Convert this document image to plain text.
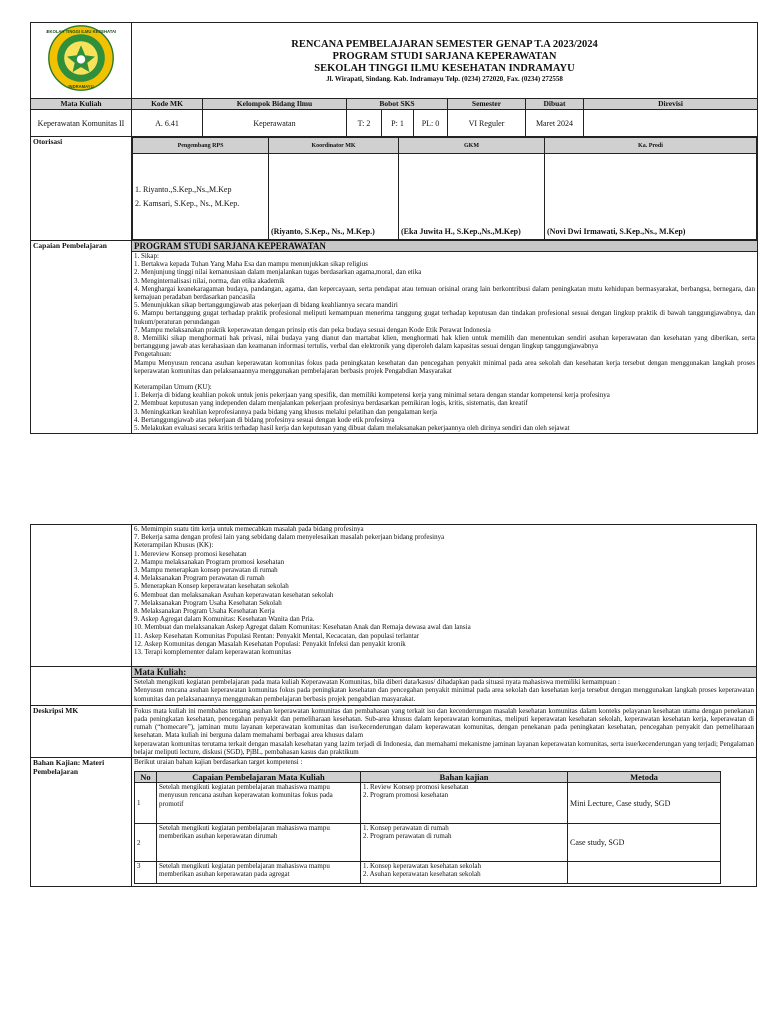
SEKOLAH TINGGI ILMU KESEHATAN
INDRAMAYU

RENCANA PEMBELAJARAN SEMESTER GENAP T.A 2023/2024
PROGRAM STUDI SARJANA KEPERAWATAN
SEKOLAH TINGGI ILMU KESEHATAN INDRAMAYU
Jl. Wirapati, Sindang. Kab. Indramayu Telp. (0234) 272020, Fax. (0234) 272558

Mata Kuliah	Kode MK	Kelompok Bidang Ilmu	Bobot SKS	Semester	Dibuat	Direvisi
Keperawatan Komunitas II	A. 6.41	Keperawatan	T: 2	P: 1	PL: 0	VI Reguler	Maret 2024	
Otorisasi		Pengembang RPS	Koordinator MK	GKM	Ka. Prodi

1. Riyanto.,S.Kep.,Ns.,M.Kep
2. Kamsari, S.Kep., Ns., M.Kep.
	(Riyanto, S.Kep., Ns., M.Kep.)	(Eka Juwita H., S.Kep.,Ns.,M.Kep)	(Novi Dwi Irmawati, S.Kep.,Ns., M.Kep)

Capaian Pembelajaran	PROGRAM STUDI SARJANA KEPERAWATAN
1. Sikap:
1. Bertakwa kepada Tuhan Yang Maha Esa dan mampu menunjukkan sikap religius
2. Menjunjung tinggi nilai kemanusiaan dalam menjalankan tugas berdasarkan agama,moral, dan etika
3. Menginternalisasi nilai, norma, dan etika akademik
4. Menghargai keanekaragaman budaya, pandangan, agama, dan kepercayaan, serta pendapat atau temuan orisinal orang lain berkontribusi dalam peningkatan mutu kehidupan bermasyarakat, berbangsa, bernegara, dan kemajuan peradaban berdasarkan pancasila
5. Menunjukkan sikap bertanggungjawab atas pekerjaan di bidang keahliannya secara mandiri
6. Mampu bertanggung gugat terhadap praktik profesional meliputi kemampuan menerima tanggung gugat terhadap keputusan dan tindakan profesional sesuai dengan lingkup praktik di bawah tanggungjawabnya, dan hukum/peraturan perundangan
7. Mampu melaksanakan praktik keperawatan dengan prinsip etis dan peka budaya sesuai dengan Kode Etik Perawat Indonesia
8. Memiliki sikap menghormati hak privasi, nilai budaya yang dianut dan martabat klien, menghormati hak klien untuk memilih dan menentukan sendiri asuhan keperawatan dan kesehatan yang diberikan, serta bertanggung jawab atas kerahasiaan dan keamanan informasi tertulis, verbal dan elektronik yang diperoleh dalam kapasitas sesuai dengan lingkup tanggungjawabnya
Pengetahuan:
Mampu Menyusun rencana asuhan keperawatan komunitas fokus pada peningkatan kesehatan dan pencegahan penyakit minimal pada area sekolah dan kesehatan kerja tersebut dengan menggunakan langkah proses keperawatan komunitas dan pelaksanaannya menggunakan pembelajaran berbasis projek Pengabdian Masyarakat
Keterampilan Umum (KU):
1. Bekerja di bidang keahlian pokok untuk jenis pekerjaan yang spesifik, dan memiliki kompetensi kerja yang minimal setara dengan standar kompetensi kerja profesinya
2. Membuat keputusan yang independen dalam menjalankan pekerjaan profesinya berdasarkan pemikiran logis, kritis, sistematis, dan kreatif
3. Meningkatkan keahlian keprofesiannya pada bidang yang khusus melalui pelatihan dan pengalaman kerja
4. Bertanggungjawab atas pekerjaan di bidang profesinya sesuai dengan kode etik profesinya
5. Melakukan evaluasi secara kritis terhadap hasil kerja dan keputusan yang dibuat dalam melaksanakan pekerjaannya oleh dirinya sendiri dan oleh sejawat

6. Memimpin suatu tim kerja untuk memecahkan masalah pada bidang profesinya
7. Bekerja sama dengan profesi lain yang sebidang dalam menyelesaikan masalah pekerjaan bidang profesinya
Keterampilan Khusus (KK):
1. Mereview Konsep promosi kesehatan
2. Mampu melaksanakan Program promosi kesehatan
3. Mampu menerapkan konsep perawatan di rumah
4. Melaksanakan Program perawatan di rumah
5. Menerapkan Konsep keperawatan kesehatan sekolah
6. Membuat dan melaksanakan Asuhan keperawatan kesehatan sekolah
7. Melaksanakan Program Usaha Kesehatan Sekolah
8. Melaksanakan Program Usaha Kesehatan Kerja
9. Askep Agregat dalam Komunitas: Kesehatan Wanita dan Pria.
10. Membuat dan melaksanakan Askep Agregat dalam Komunitas: Kesehatan Anak dan Remaja dewasa awal dan lansia
11. Askep Kesehatan Komunitas Populasi Rentan: Penyakit Mental, Kecacatan, dan populasi terlantar
12. Askep Komunitas dengan Masalah Kesehatan Populasi: Penyakit Infeksi dan penyakit kronik
13. Terapi komplementer dalam keperawatan komunitas

Mata Kuliah:
Setelah mengikuti kegiatan pembelajaran pada mata kuliah Keperawatan Komunitas, bila diberi data/kasus/ dihadapkan pada situasi nyata mahasiswa memiliki kemampuan :
Menyusun rencana asuhan keperawatan komunitas fokus pada peningkatan kesehatan dan pencegahan penyakit minimal pada area sekolah dan kesehatan kerja tersebut dengan menggunakan langkah proses keperawatan komunitas dan pelaksanaannya menggunakan pembelajaran berbasis projek pengabdian masyarakat.

Deskripsi MK	Fokus mata kuliah ini membahas tentang asuhan keperawatan komunitas dan pembahasan yang terkait isu dan kecenderungan masalah kesehatan komunitas dalam konteks pelayanan kesehatan utama dengan penekanan pada peningkatan kesehatan, pencegahan penyakit dan pemeliharaan kesehatan. Sub-area khusus dalam keperawatan komunitas, meliputi keperawatan kesehatan sekolah, keperawatan kesehatan kerja, keperawatan di rumah (“homecare”), jaminan mutu layanan keperawatan komunitas dan isu/kecenderungan dalam keperawatan komunitas, dengan penekanan pada peningkatan kesehatan, pencegahan penyakit dan pemeliharaan kesehatan. Mata kuliah ini berguna dalam memahami berbagai area khusus dalam
keperawatan komunitas terutama terkait dengan masalah kesehatan yang lazim terjadi di Indonesia, dan memahami mekanisme jaminan layanan keperawatan komunitas, serta isue/kecenderungan yang terjadi; Pengalaman belajar meliputi lecture, diskusi (SGD), PjBL, pembahasan kasus dan praktikum

Bahan Kajian: Materi Pembelajaran	
Berikut uraian bahan kajian berdasarkan target kompetensi :
No	Capaian Pembelajaran Mata Kuliah	Bahan kajian	Metoda
1	Setelah mengikuti kegiatan pembelajaran mahasiswa mampu menyusun rencana asuhan keperawatan komunitas fokus pada promotif	
1. Review Konsep promosi kesehatan
2. Program promosi kesehatan
	Mini Lecture, Case study, SGD
2	Setelah mengikuti kegiatan pembelajaran mahasiswa mampu memberikan asuhan keperawatan dirumah	
1. Konsep perawatan di rumah
2. Program perawatan di rumah
	Case study, SGD
3	Setelah mengikuti kegiatan pembelajaran mahasiswa mampu memberikan asuhan keperawatan pada agregat	
1. Konsep keperawatan kesehatan sekolah
2. Asuhan keperawatan kesehatan sekolah
